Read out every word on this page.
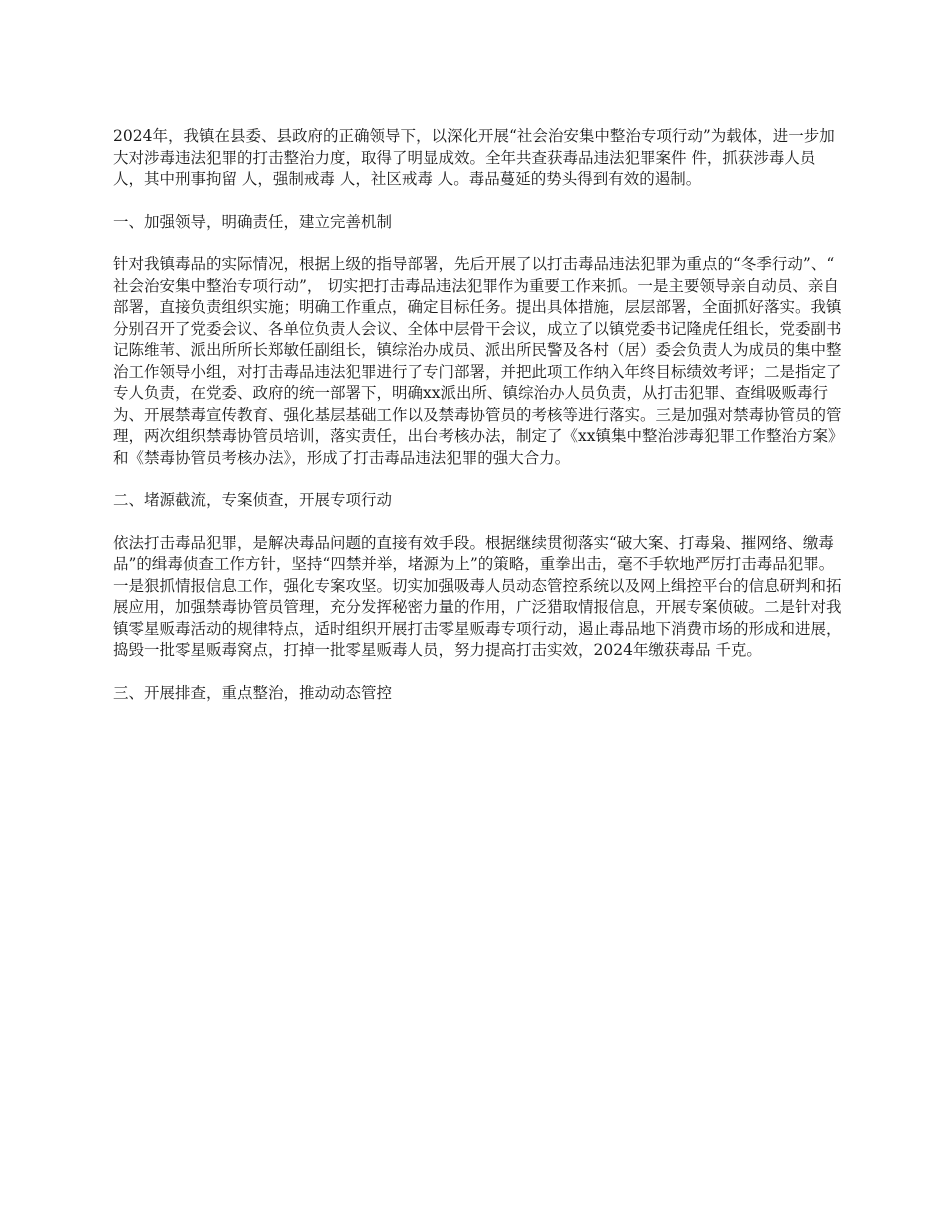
2024年，我镇在县委、县政府的正确领导下，以深化开展“社会治安集中整治专项行动”为载体，进一步加大对涉毒违法犯罪的打击整治力度，取得了明显成效。全年共查获毒品违法犯罪案件 件，抓获涉毒人员 人，其中刑事拘留 人，强制戒毒 人，社区戒毒 人。毒品蔓延的势头得到有效的遏制。

一、加强领导，明确责任，建立完善机制

针对我镇毒品的实际情况，根据上级的指导部署，先后开展了以打击毒品违法犯罪为重点的“冬季行动”、“ 社会治安集中整治专项行动”， 切实把打击毒品违法犯罪作为重要工作来抓。一是主要领导亲自动员、亲自部署，直接负责组织实施；明确工作重点，确定目标任务。提出具体措施，层层部署，全面抓好落实。我镇分别召开了党委会议、各单位负责人会议、全体中层骨干会议，成立了以镇党委书记隆虎任组长，党委副书记陈维苇、派出所所长郑敏任副组长，镇综治办成员、派出所民警及各村（居）委会负责人为成员的集中整治工作领导小组，对打击毒品违法犯罪进行了专门部署，并把此项工作纳入年终目标绩效考评；二是指定了专人负责，在党委、政府的统一部署下，明确xx派出所、镇综治办人员负责，从打击犯罪、查缉吸贩毒行为、开展禁毒宣传教育、强化基层基础工作以及禁毒协管员的考核等进行落实。三是加强对禁毒协管员的管理，两次组织禁毒协管员培训，落实责任，出台考核办法，制定了《xx镇集中整治涉毒犯罪工作整治方案》和《禁毒协管员考核办法》，形成了打击毒品违法犯罪的强大合力。

二、堵源截流，专案侦查，开展专项行动

依法打击毒品犯罪，是解决毒品问题的直接有效手段。根据继续贯彻落实“破大案、打毒枭、摧网络、缴毒品”的缉毒侦查工作方针，坚持“四禁并举，堵源为上”的策略，重拳出击，毫不手软地严厉打击毒品犯罪。一是狠抓情报信息工作，强化专案攻坚。切实加强吸毒人员动态管控系统以及网上缉控平台的信息研判和拓展应用，加强禁毒协管员管理，充分发挥秘密力量的作用，广泛猎取情报信息，开展专案侦破。二是针对我镇零星贩毒活动的规律特点，适时组织开展打击零星贩毒专项行动，遏止毒品地下消费市场的形成和进展，捣毁一批零星贩毒窝点，打掉一批零星贩毒人员，努力提高打击实效，2024年缴获毒品 千克。

三、开展排查，重点整治，推动动态管控
